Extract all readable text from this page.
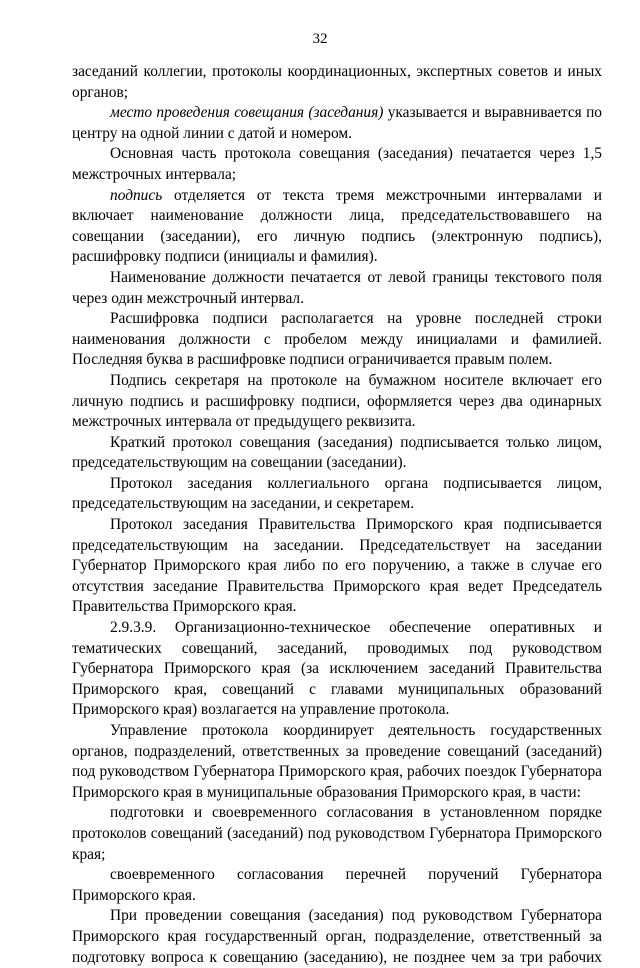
32

заседаний коллегии, протоколы координационных, экспертных советов и иных органов;

место проведения совещания (заседания) указывается и выравнивается по центру на одной линии с датой и номером.

Основная часть протокола совещания (заседания) печатается через 1,5 межстрочных интервала;

подпись отделяется от текста тремя межстрочными интервалами и включает наименование должности лица, председательствовавшего на совещании (заседании), его личную подпись (электронную подпись), расшифровку подписи (инициалы и фамилия).

Наименование должности печатается от левой границы текстового поля через один межстрочный интервал.

Расшифровка подписи располагается на уровне последней строки наименования должности с пробелом между инициалами и фамилией. Последняя буква в расшифровке подписи ограничивается правым полем.

Подпись секретаря на протоколе на бумажном носителе включает его личную подпись и расшифровку подписи, оформляется через два одинарных межстрочных интервала от предыдущего реквизита.

Краткий протокол совещания (заседания) подписывается только лицом, председательствующим на совещании (заседании).

Протокол заседания коллегиального органа подписывается лицом, председательствующим на заседании, и секретарем.

Протокол заседания Правительства Приморского края подписывается председательствующим на заседании. Председательствует на заседании Губернатор Приморского края либо по его поручению, а также в случае его отсутствия заседание Правительства Приморского края ведет Председатель Правительства Приморского края.

2.9.3.9. Организационно-техническое обеспечение оперативных и тематических совещаний, заседаний, проводимых под руководством Губернатора Приморского края (за исключением заседаний Правительства Приморского края, совещаний с главами муниципальных образований Приморского края) возлагается на управление протокола.

Управление протокола координирует деятельность государственных органов, подразделений, ответственных за проведение совещаний (заседаний) под руководством Губернатора Приморского края, рабочих поездок Губернатора Приморского края в муниципальные образования Приморского края, в части:

подготовки и своевременного согласования в установленном порядке протоколов совещаний (заседаний) под руководством Губернатора Приморского края;

своевременного согласования перечней поручений Губернатора Приморского края.

При проведении совещания (заседания) под руководством Губернатора Приморского края государственный орган, подразделение, ответственный за подготовку вопроса к совещанию (заседанию), не позднее чем за три рабочих
